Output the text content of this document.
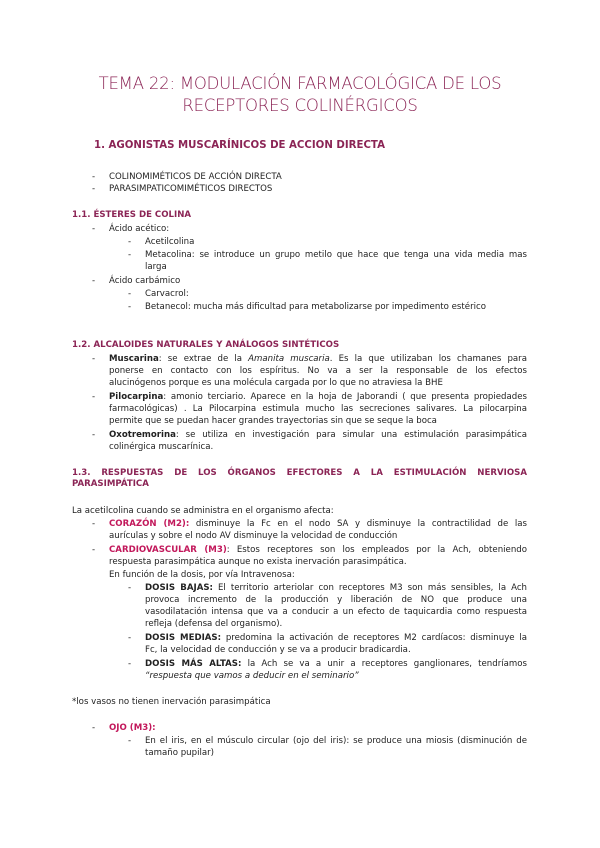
TEMA 22: MODULACIÓN FARMACOLÓGICA DE LOS
RECEPTORES COLINÉRGICOS
1. AGONISTAS MUSCARÍNICOS DE ACCION DIRECTA
- COLINOMIMÉTICOS DE ACCIÓN DIRECTA
- PARASIMPATICOMIMÉTICOS DIRECTOS
1.1. ÉSTERES DE COLINA
- Ácido acético:
- Acetilcolina
- Metacolina: se introduce un grupo metilo que hace que tenga una vida media mas
larga
- Ácido carbámico
- Carvacrol:
- Betanecol: mucha más dificultad para metabolizarse por impedimento estérico
1.2. ALCALOIDES NATURALES Y ANÁLOGOS SINTÉTICOS
- Muscarina: se extrae de la Amanita muscaria. Es la que utilizaban los chamanes para
ponerse en contacto con los espíritus. No va a ser la responsable de los efectos
alucinógenos porque es una molécula cargada por lo que no atraviesa la BHE
- Pilocarpina: amonio terciario. Aparece en la hoja de Jaborandi ( que presenta propiedades
farmacológicas) . La Pilocarpina estimula mucho las secreciones salivares. La pilocarpina
permite que se puedan hacer grandes trayectorias sin que se seque la boca
- Oxotremorina: se utiliza en investigación para simular una estimulación parasimpática
colinérgica muscarínica.
1.3. RESPUESTAS DE LOS ÓRGANOS EFECTORES A LA ESTIMULACIÓN NERVIOSA
PARASIMPÁTICA
La acetilcolina cuando se administra en el organismo afecta:
- CORAZÓN (M2): disminuye la Fc en el nodo SA y disminuye la contractilidad de las
aurículas y sobre el nodo AV disminuye la velocidad de conducción
- CARDIOVASCULAR (M3): Estos receptores son los empleados por la Ach, obteniendo
respuesta parasimpática aunque no exista inervación parasimpática.
En función de la dosis, por vía Intravenosa:
- DOSIS BAJAS: El territorio arteriolar con receptores M3 son más sensibles, la Ach
provoca incremento de la producción y liberación de NO que produce una
vasodilatación intensa que va a conducir a un efecto de taquicardia como respuesta
refleja (defensa del organismo).
- DOSIS MEDIAS: predomina la activación de receptores M2 cardíacos: disminuye la
Fc, la velocidad de conducción y se va a producir bradicardia.
- DOSIS MÁS ALTAS: la Ach se va a unir a receptores ganglionares, tendríamos
“respuesta que vamos a deducir en el seminario”
*los vasos no tienen inervación parasimpática
- OJO (M3):
- En el iris, en el músculo circular (ojo del iris): se produce una miosis (disminución de
tamaño pupilar)
